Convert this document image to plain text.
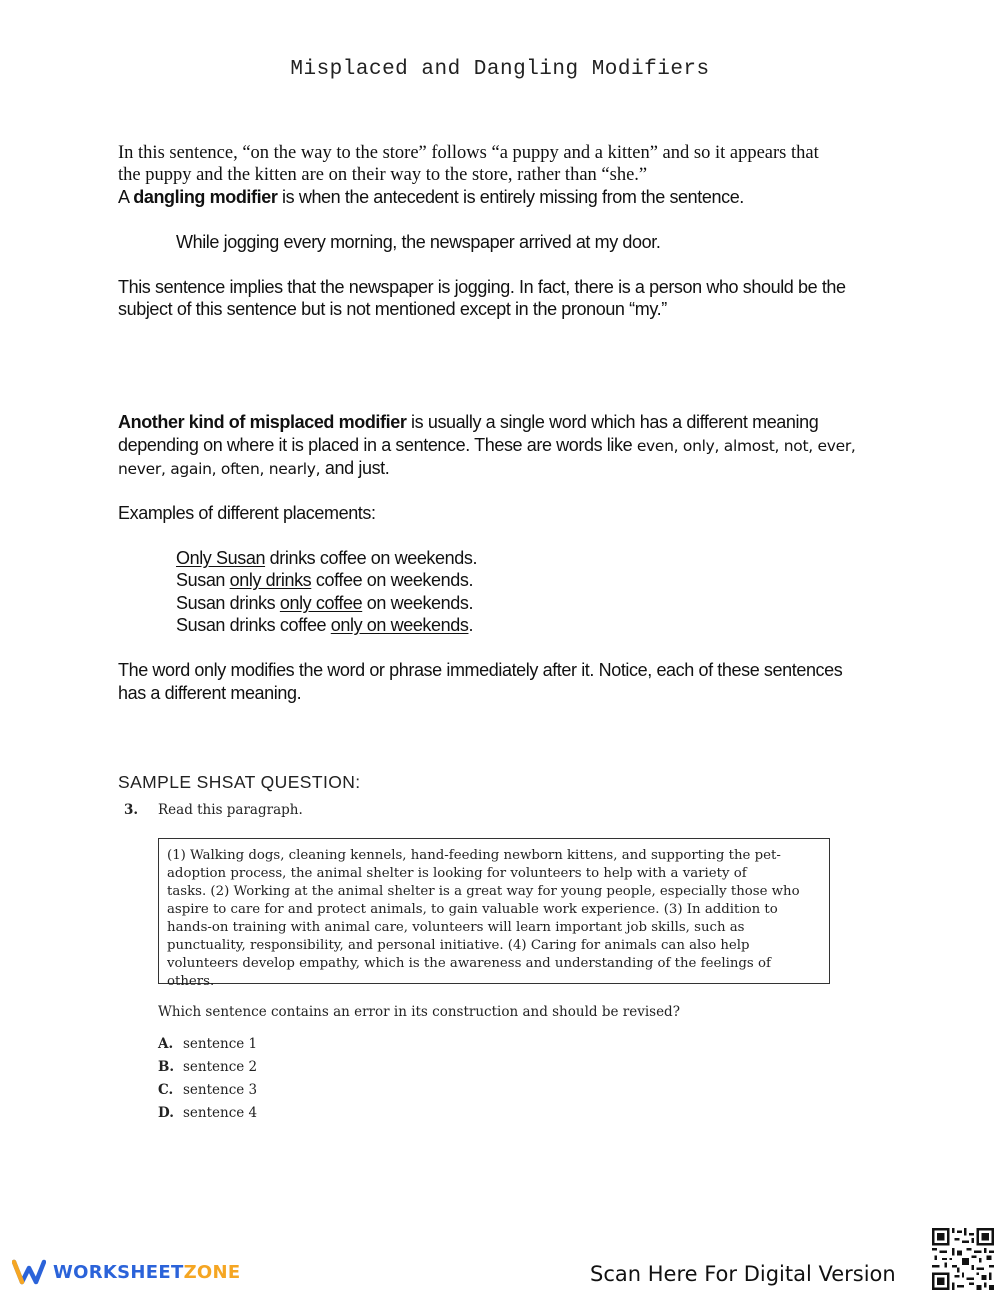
Misplaced and Dangling Modifiers
In this sentence, “on the way to the store” follows “a puppy and a kitten” and so it appears that
the puppy and the kitten are on their way to the store, rather than “she.”
A dangling modifier is when the antecedent is entirely missing from the sentence.
While jogging every morning, the newspaper arrived at my door.
This sentence implies that the newspaper is jogging. In fact, there is a person who should be the
subject of this sentence but is not mentioned except in the pronoun “my.”
Another kind of misplaced modifier is usually a single word which has a different meaning
depending on where it is placed in a sentence. These are words like even, only, almost, not, ever,
never, again, often, nearly, and just.
Examples of different placements:
Only Susan drinks coffee on weekends.
Susan only drinks coffee on weekends.
Susan drinks only coffee on weekends.
Susan drinks coffee only on weekends.
The word only modifies the word or phrase immediately after it. Notice, each of these sentences
has a different meaning.
SAMPLE SHSAT QUESTION:
3. Read this paragraph.
(1) Walking dogs, cleaning kennels, hand-feeding newborn kittens, and supporting the pet-
adoption process, the animal shelter is looking for volunteers to help with a variety of
tasks. (2) Working at the animal shelter is a great way for young people, especially those who
aspire to care for and protect animals, to gain valuable work experience. (3) In addition to
hands-on training with animal care, volunteers will learn important job skills, such as
punctuality, responsibility, and personal initiative. (4) Caring for animals can also help
volunteers develop empathy, which is the awareness and understanding of the feelings of others.
Which sentence contains an error in its construction and should be revised?
A. sentence 1
B. sentence 2
C. sentence 3
D. sentence 4
WORKSHEETZONE	Scan Here For Digital Version
